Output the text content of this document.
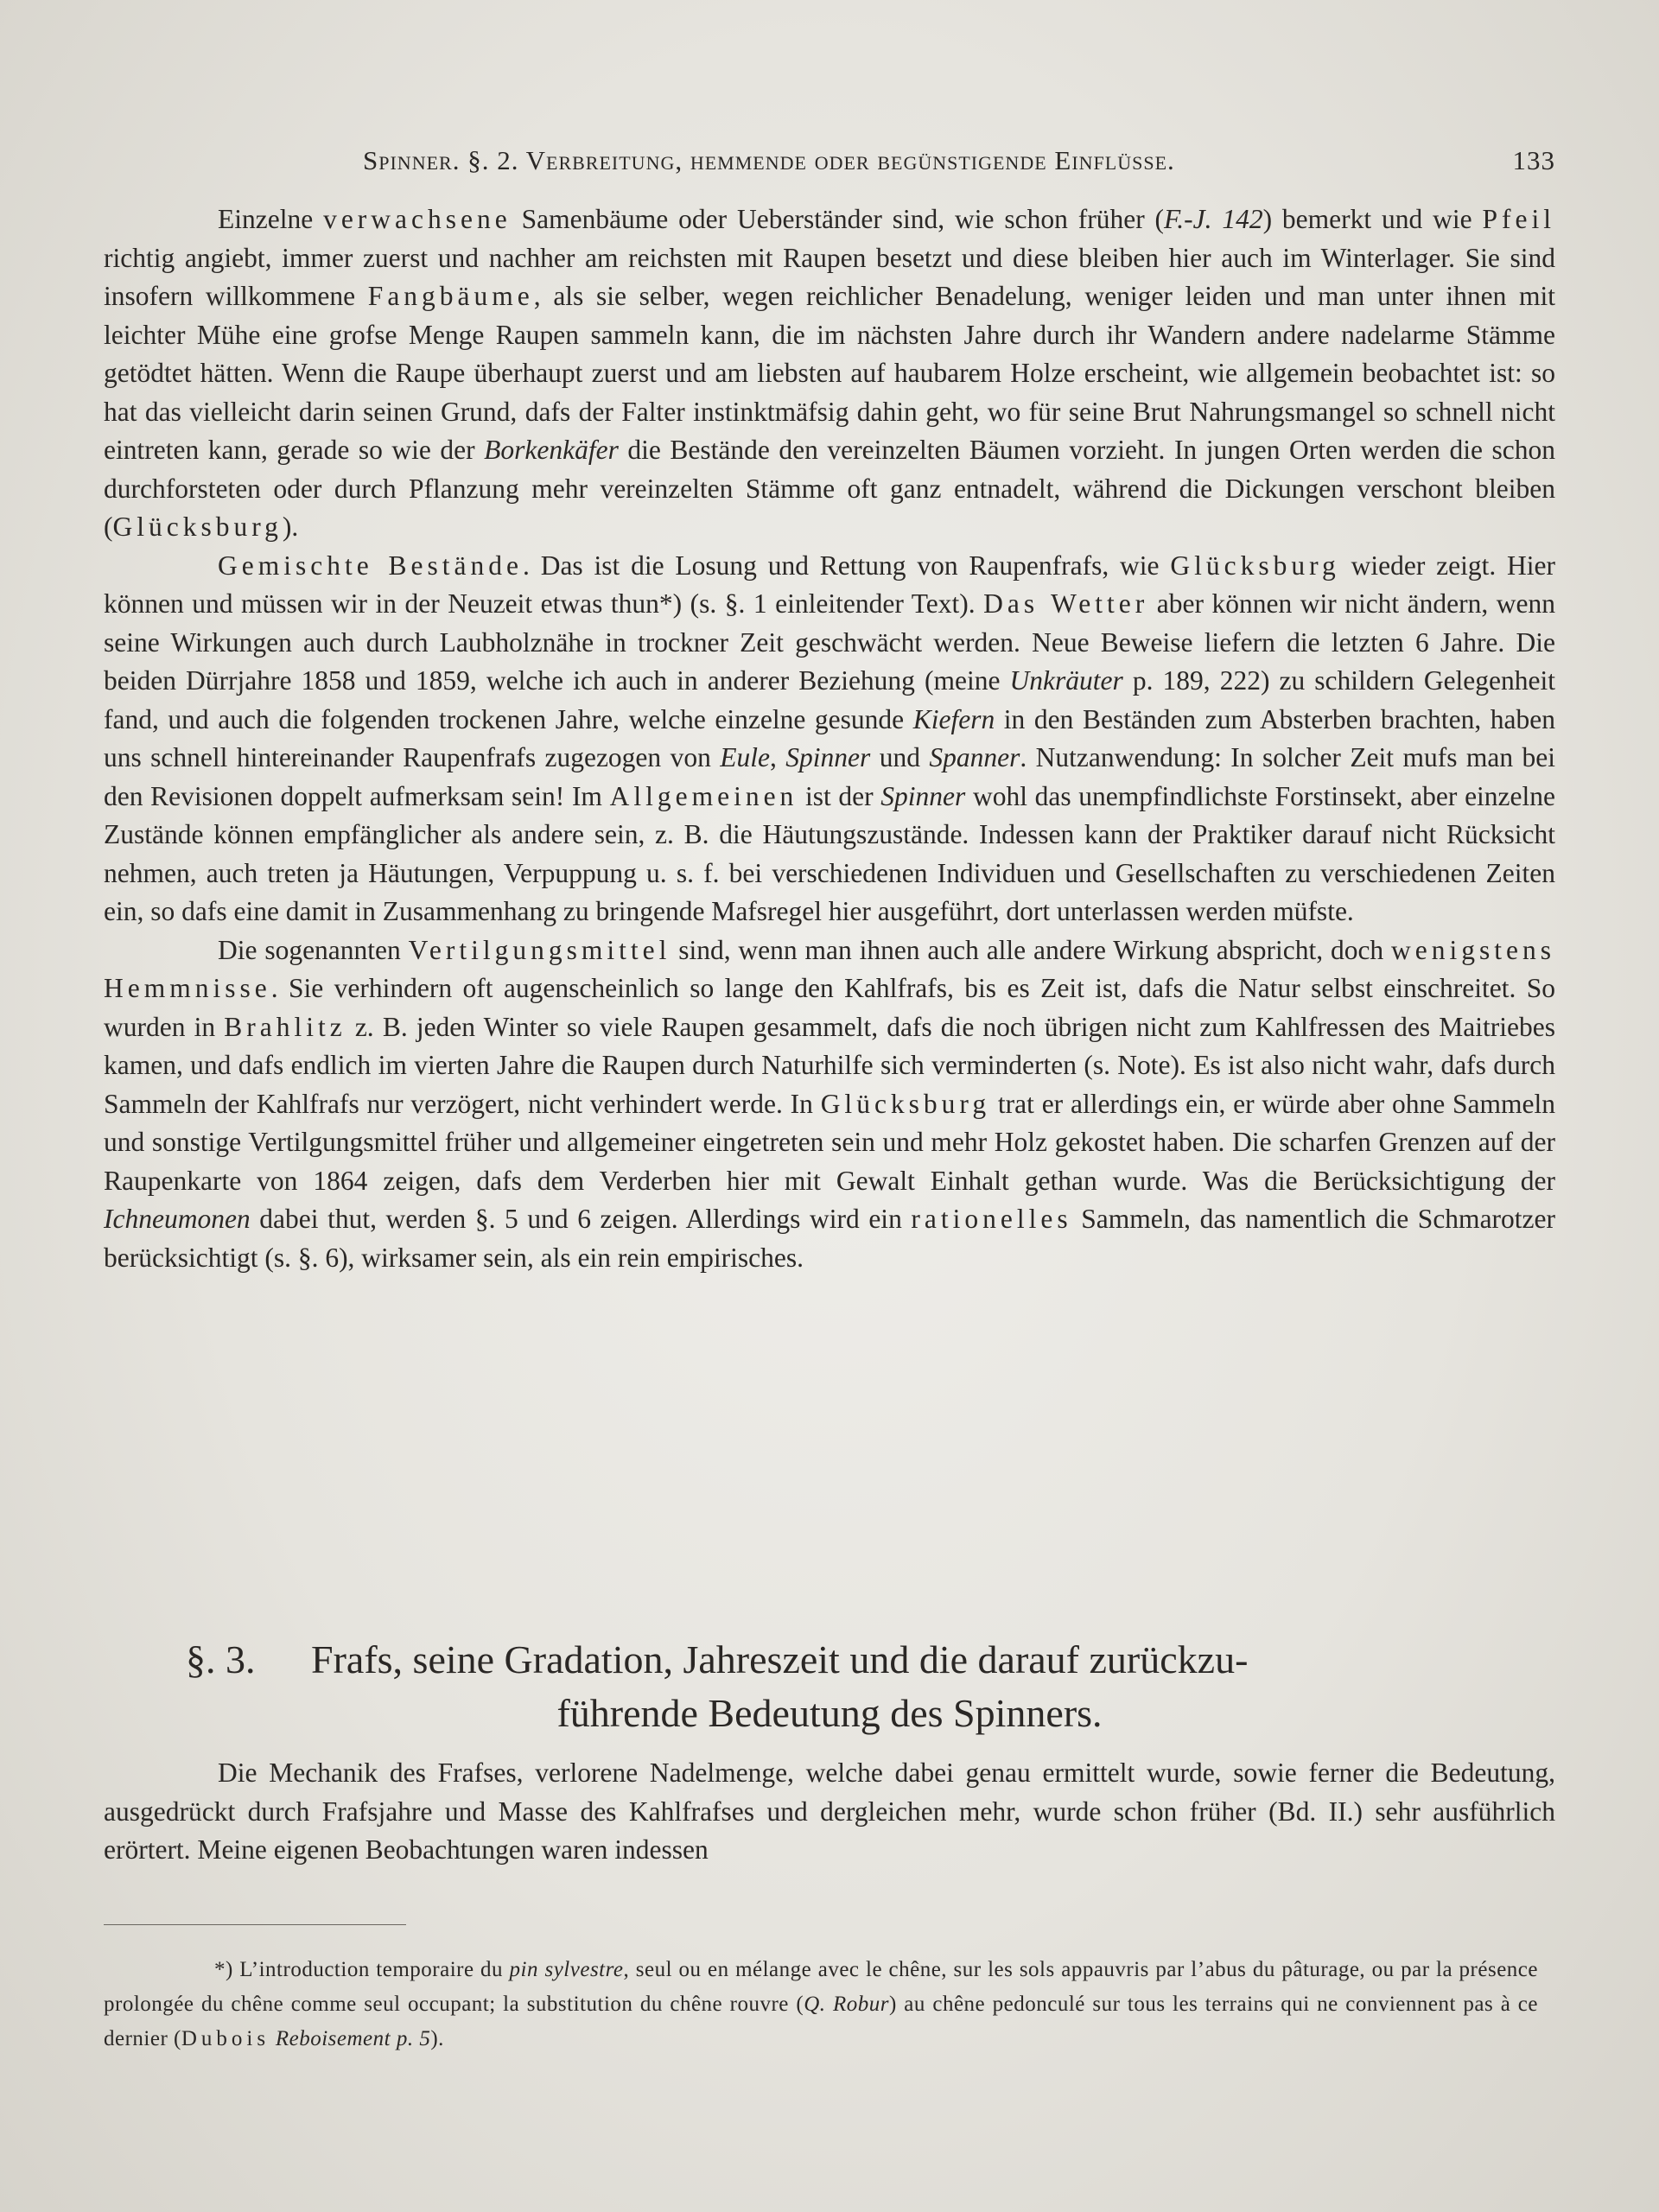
Spinner. §. 2. Verbreitung, hemmende oder begünstigende Einflüsse.	133

Einzelne verwachsene Samenbäume oder Ueberständer sind, wie schon früher (F.-J. 142) bemerkt und wie Pfeil richtig angiebt, immer zuerst und nachher am reichsten mit Raupen besetzt und diese bleiben hier auch im Winterlager. Sie sind insofern willkommene Fangbäume, als sie selber, wegen reichlicher Benadelung, weniger leiden und man unter ihnen mit leichter Mühe eine grofse Menge Raupen sammeln kann, die im nächsten Jahre durch ihr Wandern andere nadelarme Stämme getödtet hätten. Wenn die Raupe überhaupt zuerst und am liebsten auf haubarem Holze erscheint, wie allgemein beobachtet ist: so hat das vielleicht darin seinen Grund, dafs der Falter instinktmäfsig dahin geht, wo für seine Brut Nahrungsmangel so schnell nicht eintreten kann, gerade so wie der Borkenkäfer die Bestände den vereinzelten Bäumen vorzieht. In jungen Orten werden die schon durchforsteten oder durch Pflanzung mehr vereinzelten Stämme oft ganz entnadelt, während die Dickungen verschont bleiben (Glücksburg).

Gemischte Bestände. Das ist die Losung und Rettung von Raupenfrafs, wie Glücksburg wieder zeigt. Hier können und müssen wir in der Neuzeit etwas thun*) (s. §. 1 einleitender Text). Das Wetter aber können wir nicht ändern, wenn seine Wirkungen auch durch Laubholznähe in trockner Zeit geschwächt werden. Neue Beweise liefern die letzten 6 Jahre. Die beiden Dürrjahre 1858 und 1859, welche ich auch in anderer Beziehung (meine Unkräuter p. 189, 222) zu schildern Gelegenheit fand, und auch die folgenden trockenen Jahre, welche einzelne gesunde Kiefern in den Beständen zum Absterben brachten, haben uns schnell hintereinander Raupenfrafs zugezogen von Eule, Spinner und Spanner. Nutzanwendung: In solcher Zeit mufs man bei den Revisionen doppelt aufmerksam sein! Im Allgemeinen ist der Spinner wohl das unempfindlichste Forstinsekt, aber einzelne Zustände können empfänglicher als andere sein, z. B. die Häutungszustände. Indessen kann der Praktiker darauf nicht Rücksicht nehmen, auch treten ja Häutungen, Verpuppung u. s. f. bei verschiedenen Individuen und Gesellschaften zu verschiedenen Zeiten ein, so dafs eine damit in Zusammenhang zu bringende Mafsregel hier ausgeführt, dort unterlassen werden müfste.

Die sogenannten Vertilgungsmittel sind, wenn man ihnen auch alle andere Wirkung abspricht, doch wenigstens Hemmnisse. Sie verhindern oft augenscheinlich so lange den Kahlfrafs, bis es Zeit ist, dafs die Natur selbst einschreitet. So wurden in Brahlitz z. B. jeden Winter so viele Raupen gesammelt, dafs die noch übrigen nicht zum Kahlfressen des Maitriebes kamen, und dafs endlich im vierten Jahre die Raupen durch Naturhilfe sich verminderten (s. Note). Es ist also nicht wahr, dafs durch Sammeln der Kahlfrafs nur verzögert, nicht verhindert werde. In Glücksburg trat er allerdings ein, er würde aber ohne Sammeln und sonstige Vertilgungsmittel früher und allgemeiner eingetreten sein und mehr Holz gekostet haben. Die scharfen Grenzen auf der Raupenkarte von 1864 zeigen, dafs dem Verderben hier mit Gewalt Einhalt gethan wurde. Was die Berücksichtigung der Ichneumonen dabei thut, werden §. 5 und 6 zeigen. Allerdings wird ein rationelles Sammeln, das namentlich die Schmarotzer berücksichtigt (s. §. 6), wirksamer sein, als ein rein empirisches.

§. 3. Frafs, seine Gradation, Jahreszeit und die darauf zurückzu-
führende Bedeutung des Spinners.

Die Mechanik des Frafses, verlorene Nadelmenge, welche dabei genau ermittelt wurde, sowie ferner die Bedeutung, ausgedrückt durch Frafsjahre und Masse des Kahlfrafses und dergleichen mehr, wurde schon früher (Bd. II.) sehr ausführlich erörtert. Meine eigenen Beobachtungen waren indessen

*) L’introduction temporaire du pin sylvestre, seul ou en mélange avec le chêne, sur les sols appauvris par l’abus du pâturage, ou par la présence prolongée du chêne comme seul occupant; la substitution du chêne rouvre (Q. Robur) au chêne pedonculé sur tous les terrains qui ne conviennent pas à ce dernier (Dubois Reboisement p. 5).
